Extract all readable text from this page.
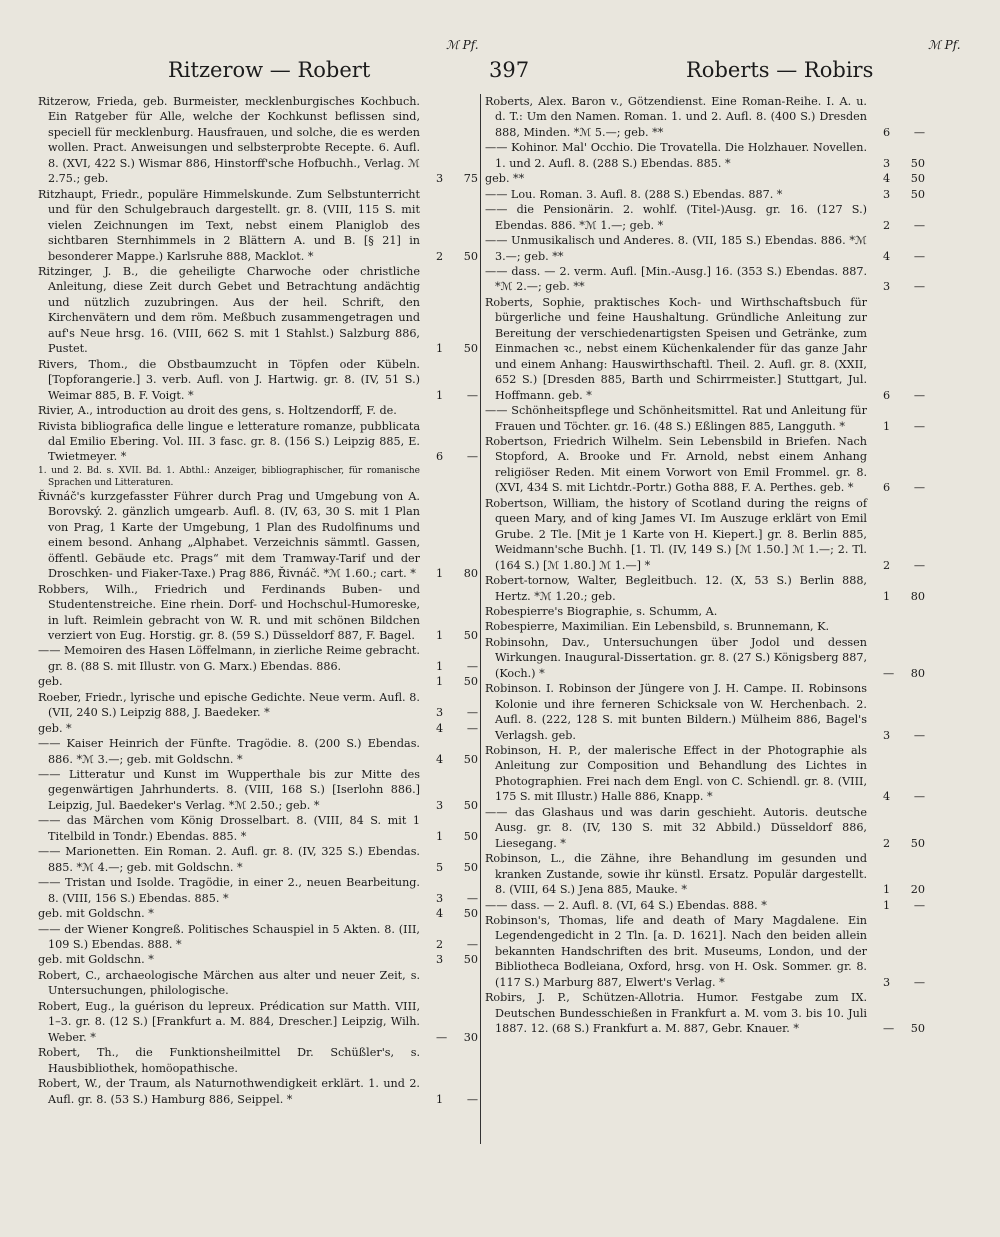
Ritzerow — Robert	397	Roberts — Robirs
ℳ Pf.	ℳ Pf.

Ritzerow, Frieda, geb. Burmeister, mecklenburgisches Kochbuch. Ein Ratgeber für Alle, welche der Kochkunst beflissen sind, speciell für mecklenburg. Hausfrauen, und solche, die es werden wollen. Pract. Anweisungen und selbsterprobte Recepte. 6. Aufl. 8. (XVI, 422 S.) Wismar 886, Hinstorff'sche Hofbuchh., Verlag. ℳ 2.75.; geb.	3 75

Ritzhaupt, Friedr., populäre Himmelskunde. Zum Selbstunterricht und für den Schulgebrauch dargestellt. gr. 8. (VIII, 115 S. mit vielen Zeichnungen im Text, nebst einem Planiglob des sichtbaren Sternhimmels in 2 Blättern A. und B. [§ 21] in besonderer Mappe.) Karlsruhe 888, Macklot. *	2 50

Ritzinger, J. B., die geheiligte Charwoche oder christliche Anleitung, diese Zeit durch Gebet und Betrachtung andächtig und nützlich zuzubringen. Aus der heil. Schrift, den Kirchenvätern und dem röm. Meßbuch zusammengetragen und auf's Neue hrsg. 16. (VIII, 662 S. mit 1 Stahlst.) Salzburg 886, Pustet.	1 50

Rivers, Thom., die Obstbaumzucht in Töpfen oder Kübeln. [Topforangerie.] 3. verb. Aufl. von J. Hartwig. gr. 8. (IV, 51 S.) Weimar 885, B. F. Voigt. *	1 —

Rivier, A., introduction au droit des gens, s. Holtzendorff, F. de.

Rivista bibliografica delle lingue e letterature romanze, pubblicata dal Emilio Ebering. Vol. III. 3 fasc. gr. 8. (156 S.) Leipzig 885, E. Twietmeyer. *	6 —

1. und 2. Bd. s. XVII. Bd. 1. Abthl.: Anzeiger, bibliographischer, für romanische Sprachen und Litteraturen.

Řivnáč's kurzgefasster Führer durch Prag und Umgebung von A. Borovský. 2. gänzlich umgearb. Aufl. 8. (IV, 63, 30 S. mit 1 Plan von Prag, 1 Karte der Umgebung, 1 Plan des Rudolfinums und einem besond. Anhang „Alphabet. Verzeichnis sämmtl. Gassen, öffentl. Gebäude etc. Prags“ mit dem Tramway-Tarif und der Droschken- und Fiaker-Taxe.) Prag 886, Řivnáč. *ℳ 1.60.; cart. *	1 80

Robbers, Wilh., Friedrich und Ferdinands Buben- und Studentenstreiche. Eine rhein. Dorf- und Hochschul-Humoreske, in luft. Reimlein gebracht von W. R. und mit schönen Bildchen verziert von Eug. Horstig. gr. 8. (59 S.) Düsseldorf 887, F. Bagel.	1 50

—— Memoiren des Hasen Löffelmann, in zierliche Reime gebracht. gr. 8. (88 S. mit Illustr. von G. Marx.) Ebendas. 886.	1 —

geb.	1 50

Roeber, Friedr., lyrische und epische Gedichte. Neue verm. Aufl. 8. (VII, 240 S.) Leipzig 888, J. Baedeker. *	3 —

geb. *	4 —

—— Kaiser Heinrich der Fünfte. Tragödie. 8. (200 S.) Ebendas. 886. *ℳ 3.—; geb. mit Goldschn. *	4 50

—— Litteratur und Kunst im Wupperthale bis zur Mitte des gegenwärtigen Jahrhunderts. 8. (VIII, 168 S.) [Iserlohn 886.] Leipzig, Jul. Baedeker's Verlag. *ℳ 2.50.; geb. *	3 50

—— das Märchen vom König Drosselbart. 8. (VIII, 84 S. mit 1 Titelbild in Tondr.) Ebendas. 885. *	1 50

—— Marionetten. Ein Roman. 2. Aufl. gr. 8. (IV, 325 S.) Ebendas. 885. *ℳ 4.—; geb. mit Goldschn. *	5 50

—— Tristan und Isolde. Tragödie, in einer 2., neuen Bearbeitung. 8. (VIII, 156 S.) Ebendas. 885. *	3 —

geb. mit Goldschn. *	4 50

—— der Wiener Kongreß. Politisches Schauspiel in 5 Akten. 8. (III, 109 S.) Ebendas. 888. *	2 —

geb. mit Goldschn. *	3 50

Robert, C., archaeologische Märchen aus alter und neuer Zeit, s. Untersuchungen, philologische.

Robert, Eug., la guérison du lepreux. Prédication sur Matth. VIII, 1–3. gr. 8. (12 S.) [Frankfurt a. M. 884, Drescher.] Leipzig, Wilh. Weber. *	— 30

Robert, Th., die Funktionsheilmittel Dr. Schüßler's, s. Hausbibliothek, homöopathische.

Robert, W., der Traum, als Naturnothwendigkeit erklärt. 1. und 2. Aufl. gr. 8. (53 S.) Hamburg 886, Seippel. *	1 —

Roberts, Alex. Baron v., Götzendienst. Eine Roman-Reihe. I. A. u. d. T.: Um den Namen. Roman. 1. und 2. Aufl. 8. (400 S.) Dresden 888, Minden. *ℳ 5.—; geb. **	6 —

—— Kohinor. Mal' Occhio. Die Trovatella. Die Holzhauer. Novellen. 1. und 2. Aufl. 8. (288 S.) Ebendas. 885. *	3 50

geb. **	4 50

—— Lou. Roman. 3. Aufl. 8. (288 S.) Ebendas. 887. *	3 50

—— die Pensionärin. 2. wohlf. (Titel-)Ausg. gr. 16. (127 S.) Ebendas. 886. *ℳ 1.—; geb. *	2 —

—— Unmusikalisch und Anderes. 8. (VII, 185 S.) Ebendas. 886. *ℳ 3.—; geb. **	4 —

—— dass. — 2. verm. Aufl. [Min.-Ausg.] 16. (353 S.) Ebendas. 887. *ℳ 2.—; geb. **	3 —

Roberts, Sophie, praktisches Koch- und Wirthschaftsbuch für bürgerliche und feine Haushaltung. Gründliche Anleitung zur Bereitung der verschiedenartigsten Speisen und Getränke, zum Einmachen ꝛc., nebst einem Küchenkalender für das ganze Jahr und einem Anhang: Hauswirthschaftl. Theil. 2. Aufl. gr. 8. (XXII, 652 S.) [Dresden 885, Barth und Schirrmeister.] Stuttgart, Jul. Hoffmann. geb. *	6 —

—— Schönheitspflege und Schönheitsmittel. Rat und Anleitung für Frauen und Töchter. gr. 16. (48 S.) Eßlingen 885, Langguth. *	1 —

Robertson, Friedrich Wilhelm. Sein Lebensbild in Briefen. Nach Stopford, A. Brooke und Fr. Arnold, nebst einem Anhang religiöser Reden. Mit einem Vorwort von Emil Frommel. gr. 8. (XVI, 434 S. mit Lichtdr.-Portr.) Gotha 888, F. A. Perthes. geb. *	6 —

Robertson, William, the history of Scotland during the reigns of queen Mary, and of king James VI. Im Auszuge erklärt von Emil Grube. 2 Tle. [Mit je 1 Karte von H. Kiepert.] gr. 8. Berlin 885, Weidmann'sche Buchh. [1. Tl. (IV, 149 S.) [ℳ 1.50.] ℳ 1.—; 2. Tl. (164 S.) [ℳ 1.80.] ℳ 1.—] *	2 —

Robert-tornow, Walter, Begleitbuch. 12. (X, 53 S.) Berlin 888, Hertz. *ℳ 1.20.; geb.	1 80

Robespierre's Biographie, s. Schumm, A.

Robespierre, Maximilian. Ein Lebensbild, s. Brunnemann, K.

Robinsohn, Dav., Untersuchungen über Jodol und dessen Wirkungen. Inaugural-Dissertation. gr. 8. (27 S.) Königsberg 887, (Koch.) *	— 80

Robinson. I. Robinson der Jüngere von J. H. Campe. II. Robinsons Kolonie und ihre ferneren Schicksale von W. Herchenbach. 2. Aufl. 8. (222, 128 S. mit bunten Bildern.) Mülheim 886, Bagel's Verlagsh. geb.	3 —

Robinson, H. P., der malerische Effect in der Photographie als Anleitung zur Composition und Behandlung des Lichtes in Photographien. Frei nach dem Engl. von C. Schiendl. gr. 8. (VIII, 175 S. mit Illustr.) Halle 886, Knapp. *	4 —

—— das Glashaus und was darin geschieht. Autoris. deutsche Ausg. gr. 8. (IV, 130 S. mit 32 Abbild.) Düsseldorf 886, Liesegang. *	2 50

Robinson, L., die Zähne, ihre Behandlung im gesunden und kranken Zustande, sowie ihr künstl. Ersatz. Populär dargestellt. 8. (VIII, 64 S.) Jena 885, Mauke. *	1 20

—— dass. — 2. Aufl. 8. (VI, 64 S.) Ebendas. 888. *	1 —

Robinson's, Thomas, life and death of Mary Magdalene. Ein Legendengedicht in 2 Tln. [a. D. 1621]. Nach den beiden allein bekannten Handschriften des brit. Museums, London, und der Bibliotheca Bodleiana, Oxford, hrsg. von H. Osk. Sommer. gr. 8. (117 S.) Marburg 887, Elwert's Verlag. *	3 —

Robirs, J. P., Schützen-Allotria. Humor. Festgabe zum IX. Deutschen Bundesschießen in Frankfurt a. M. vom 3. bis 10. Juli 1887. 12. (68 S.) Frankfurt a. M. 887, Gebr. Knauer. *	— 50
